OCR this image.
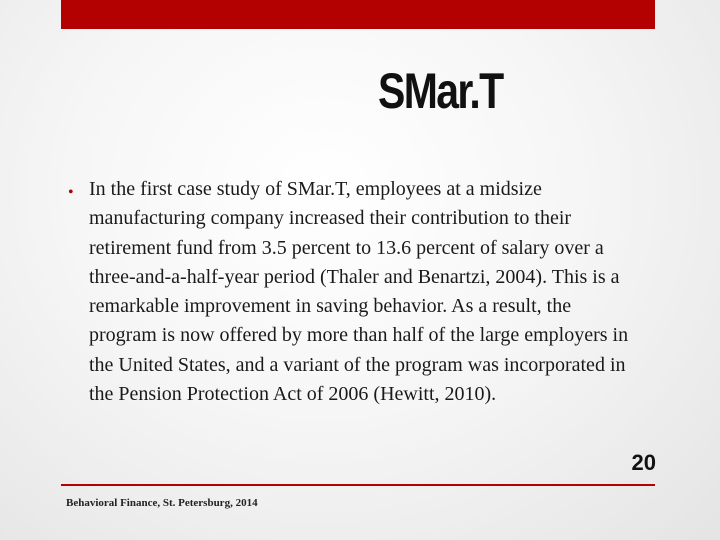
SMar.T
• In the first case study of SMar.T, employees at a midsize manufacturing company increased their contribution to their retirement fund from 3.5 percent to 13.6 percent of salary over a three-and-a-half-year period (Thaler and Benartzi, 2004). This is a remarkable improvement in saving behavior. As a result, the program is now offered by more than half of the large employers in the United States, and a variant of the program was incorporated in the Pension Protection Act of 2006 (Hewitt, 2010).

20
Behavioral Finance, St. Petersburg, 2014
